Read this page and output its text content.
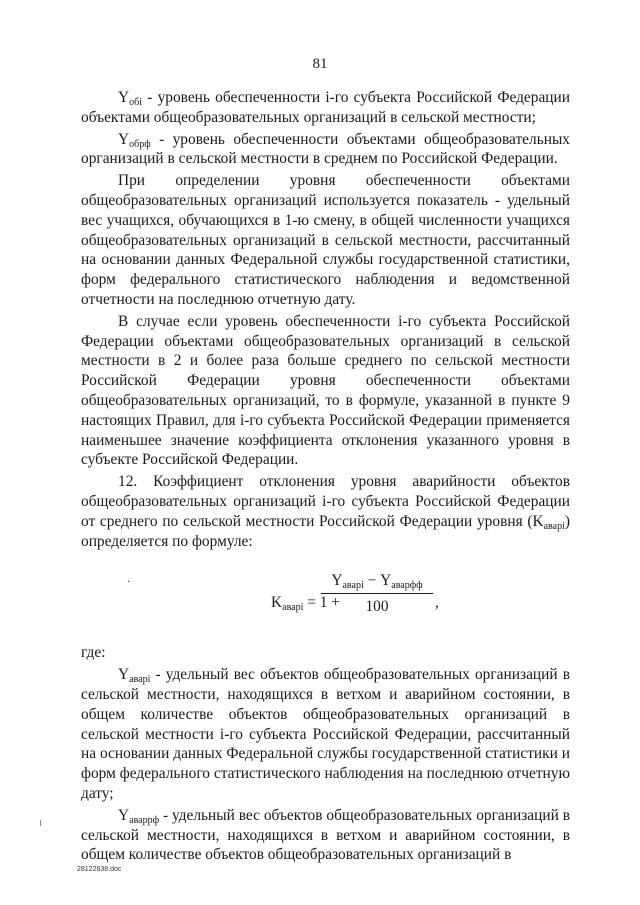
81

$Y_{обі}$ - уровень обеспеченности і-го субъекта Российской Федерации объектами общеобразовательных организаций в сельской местности;

$Y_{обрф}$ - уровень обеспеченности объектами общеобразовательных организаций в сельской местности в среднем по Российской Федерации.

При определении уровня обеспеченности объектами общеобразовательных организаций используется показатель - удельный вес учащихся, обучающихся в 1-ю смену, в общей численности учащихся общеобразовательных организаций в сельской местности, рассчитанный на основании данных Федеральной службы государственной статистики, форм федерального статистического наблюдения и ведомственной отчетности на последнюю отчетную дату.

В случае если уровень обеспеченности і-го субъекта Российской Федерации объектами общеобразовательных организаций в сельской местности в 2 и более раза больше среднего по сельской местности Российской Федерации уровня обеспеченности объектами общеобразовательных организаций, то в формуле, указанной в пункте 9 настоящих Правил, для і-го субъекта Российской Федерации применяется наименьшее значение коэффициента отклонения указанного уровня в субъекте Российской Федерации.

12. Коэффициент отклонения уровня аварийности объектов общеобразовательных организаций і-го субъекта Российской Федерации от среднего по сельской местности Российской Федерации уровня $(K_{аварі})$ определяется по формуле:

·
$K_{аварі} = 1$ +
$Y_{аварі} - Y_{аварфф}$
100	,

где:

$Y_{аварі}$ - удельный вес объектов общеобразовательных организаций в сельской местности, находящихся в ветхом и аварийном состоянии, в общем количестве объектов общеобразовательных организаций в сельской местности і-го субъекта Российской Федерации, рассчитанный на основании данных Федеральной службы государственной статистики и форм федерального статистического наблюдения на последнюю отчетную дату;

$Y_{аваррф}$ - удельный вес объектов общеобразовательных организаций в сельской местности, находящихся в ветхом и аварийном состоянии, в общем количестве объектов общеобразовательных организаций в

28122638.doc
